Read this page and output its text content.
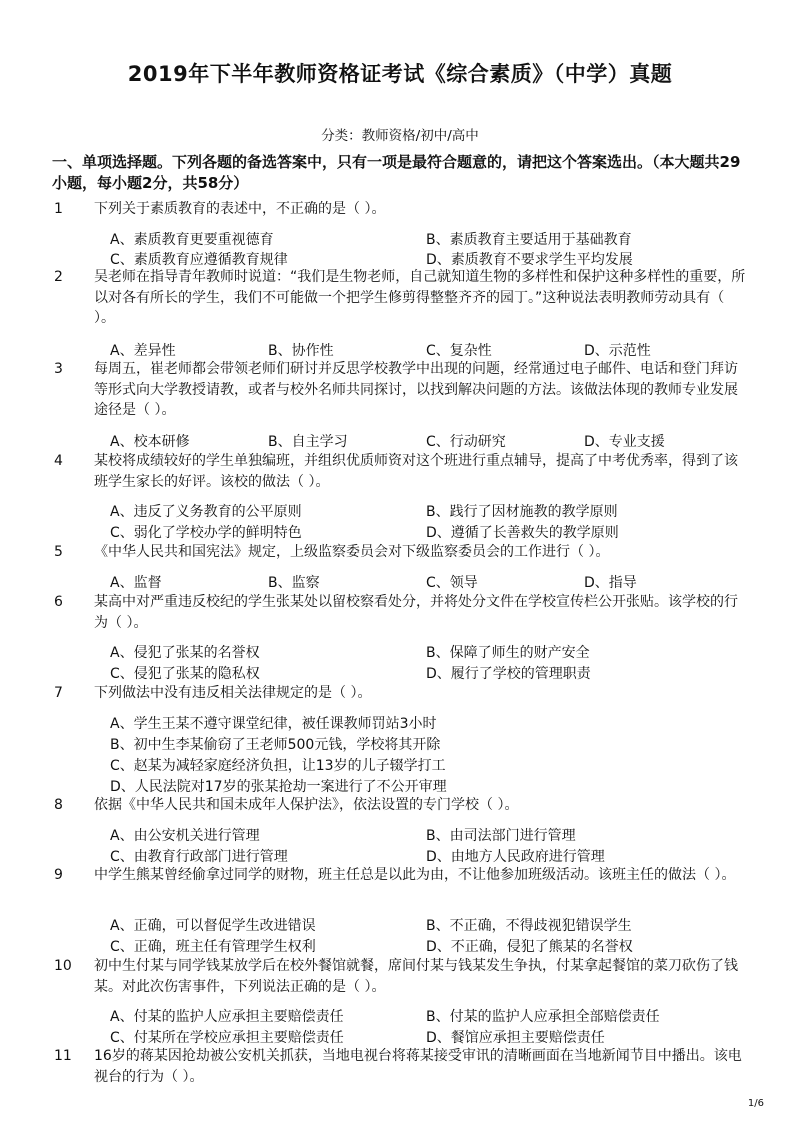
2019年下半年教师资格证考试《综合素质》（中学）真题
分类：教师资格/初中/高中
一、单项选择题。下列各题的备选答案中，只有一项是最符合题意的，请把这个答案选出。（本大题共29小题，每小题2分，共58分）
1	下列关于素质教育的表述中，不正确的是（ ）。
A、素质教育更要重视德育	B、素质教育主要适用于基础教育
C、素质教育应遵循教育规律	D、素质教育不要求学生平均发展
2	吴老师在指导青年教师时说道：“我们是生物老师，自己就知道生物的多样性和保护这种多样性的重要，所以对各有所长的学生，我们不可能做一个把学生修剪得整整齐齐的园丁。”这种说法表明教师劳动具有（ ）。
A、差异性	B、协作性	C、复杂性	D、示范性
3	每周五，崔老师都会带领老师们研讨并反思学校教学中出现的问题，经常通过电子邮件、电话和登门拜访等形式向大学教授请教，或者与校外名师共同探讨，以找到解决问题的方法。该做法体现的教师专业发展途径是（ ）。
A、校本研修	B、自主学习	C、行动研究	D、专业支援
4	某校将成绩较好的学生单独编班，并组织优质师资对这个班进行重点辅导，提高了中考优秀率，得到了该班学生家长的好评。该校的做法（ ）。
A、违反了义务教育的公平原则	B、践行了因材施教的教学原则
C、弱化了学校办学的鲜明特色	D、遵循了长善救失的教学原则
5	《中华人民共和国宪法》规定，上级监察委员会对下级监察委员会的工作进行（ ）。
A、监督	B、监察	C、领导	D、指导
6	某高中对严重违反校纪的学生张某处以留校察看处分，并将处分文件在学校宣传栏公开张贴。该学校的行为（ ）。
A、侵犯了张某的名誉权	B、保障了师生的财产安全
C、侵犯了张某的隐私权	D、履行了学校的管理职责
7	下列做法中没有违反相关法律规定的是（ ）。
A、学生王某不遵守课堂纪律，被任课教师罚站3小时
B、初中生李某偷窃了王老师500元钱，学校将其开除
C、赵某为减轻家庭经济负担，让13岁的儿子辍学打工
D、人民法院对17岁的张某抢劫一案进行了不公开审理
8	依据《中华人民共和国未成年人保护法》，依法设置的专门学校（ ）。
A、由公安机关进行管理	B、由司法部门进行管理
C、由教育行政部门进行管理	D、由地方人民政府进行管理
9	中学生熊某曾经偷拿过同学的财物，班主任总是以此为由，不让他参加班级活动。该班主任的做法（ ）。
A、正确，可以督促学生改进错误	B、不正确，不得歧视犯错误学生
C、正确，班主任有管理学生权利	D、不正确，侵犯了熊某的名誉权
10	初中生付某与同学钱某放学后在校外餐馆就餐，席间付某与钱某发生争执，付某拿起餐馆的菜刀砍伤了钱某。对此次伤害事件，下列说法正确的是（ ）。
A、付某的监护人应承担主要赔偿责任	B、付某的监护人应承担全部赔偿责任
C、付某所在学校应承担主要赔偿责任	D、餐馆应承担主要赔偿责任
11	16岁的蒋某因抢劫被公安机关抓获，当地电视台将蒋某接受审讯的清晰画面在当地新闻节目中播出。该电视台的行为（ ）。
1/6
